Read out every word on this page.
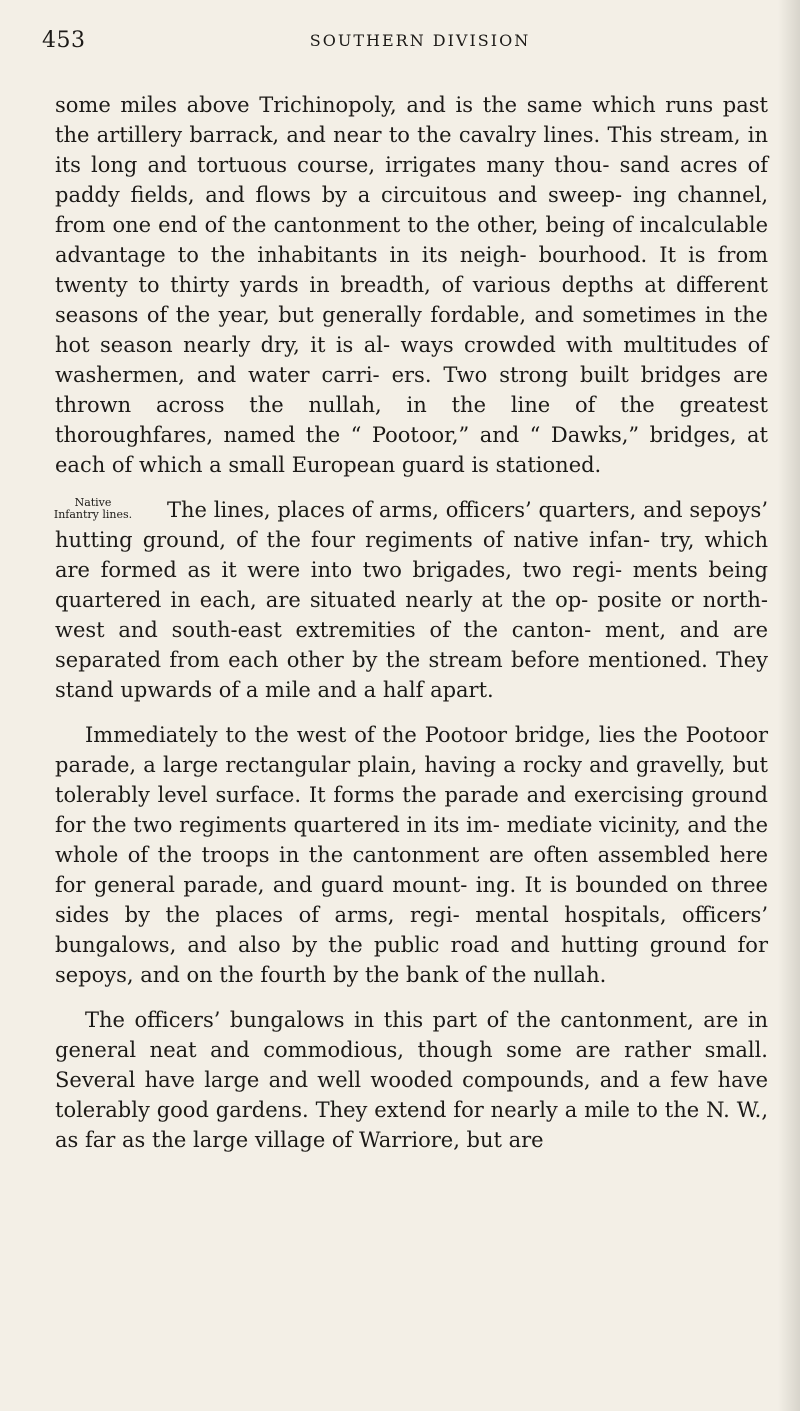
453	SOUTHERN DIVISION

some miles above Trichinopoly, and is the same which runs past the artillery barrack, and near to the cavalry lines. This stream, in its long and tortuous course, irrigates many thou- sand acres of paddy fields, and flows by a circuitous and sweep- ing channel, from one end of the cantonment to the other, being of incalculable advantage to the inhabitants in its neigh- bourhood. It is from twenty to thirty yards in breadth, of various depths at different seasons of the year, but generally fordable, and sometimes in the hot season nearly dry, it is al- ways crowded with multitudes of washermen, and water carri- ers. Two strong built bridges are thrown across the nullah, in the line of the greatest thoroughfares, named the “ Pootoor,” and “ Dawks,” bridges, at each of which a small European guard is stationed.

Native Infantry lines.	The lines, places of arms, officers’ quarters, and sepoys’ hutting ground, of the four regiments of native infan- try, which are formed as it were into two brigades, two regi- ments being quartered in each, are situated nearly at the op- posite or north-west and south-east extremities of the canton- ment, and are separated from each other by the stream before mentioned. They stand upwards of a mile and a half apart.

Immediately to the west of the Pootoor bridge, lies the Pootoor parade, a large rectangular plain, having a rocky and gravelly, but tolerably level surface. It forms the parade and exercising ground for the two regiments quartered in its im- mediate vicinity, and the whole of the troops in the cantonment are often assembled here for general parade, and guard mount- ing. It is bounded on three sides by the places of arms, regi- mental hospitals, officers’ bungalows, and also by the public road and hutting ground for sepoys, and on the fourth by the bank of the nullah.

The officers’ bungalows in this part of the cantonment, are in general neat and commodious, though some are rather small. Several have large and well wooded compounds, and a few have tolerably good gardens. They extend for nearly a mile to the N. W., as far as the large village of Warriore, but are
